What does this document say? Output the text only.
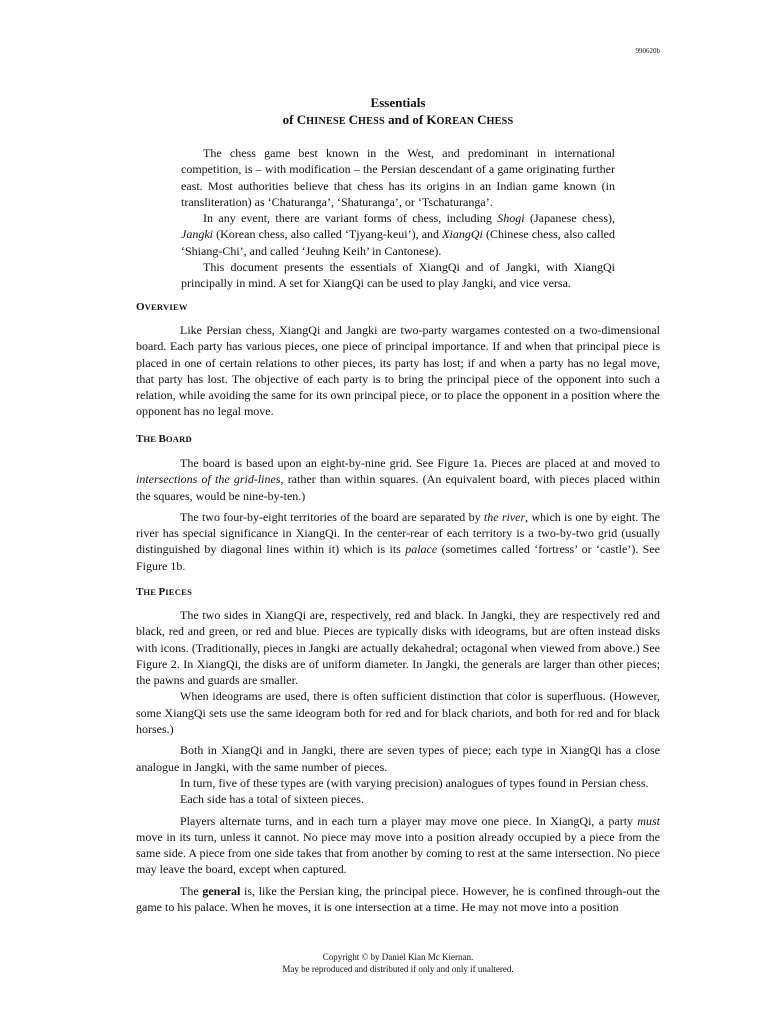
990620b
Essentials
of CHINESE CHESS and of KOREAN CHESS

The chess game best known in the West, and predominant in international competition, is – with modification – the Persian descendant of a game originating further east. Most authorities believe that chess has its origins in an Indian game known (in transliteration) as ‘Chaturanga’, ‘Shaturanga’, or ‘Tschaturanga’.

In any event, there are variant forms of chess, including Shogi (Japanese chess), Jangki (Korean chess, also called ‘Tjyang-keui’), and XiangQi (Chinese chess, also called ‘Shiang-Chi’, and called ‘Jeuhng Keih’ in Cantonese).

This document presents the essentials of XiangQi and of Jangki, with XiangQi principally in mind. A set for XiangQi can be used to play Jangki, and vice versa.

OVERVIEW

Like Persian chess, XiangQi and Jangki are two-party wargames contested on a two-dimensional board. Each party has various pieces, one piece of principal importance. If and when that principal piece is placed in one of certain relations to other pieces, its party has lost; if and when a party has no legal move, that party has lost. The objective of each party is to bring the principal piece of the opponent into such a relation, while avoiding the same for its own principal piece, or to place the opponent in a position where the opponent has no legal move.

THE BOARD

The board is based upon an eight-by-nine grid. See Figure 1a. Pieces are placed at and moved to intersections of the grid-lines, rather than within squares. (An equivalent board, with pieces placed within the squares, would be nine-by-ten.)

The two four-by-eight territories of the board are separated by the river, which is one by eight. The river has special significance in XiangQi. In the center-rear of each territory is a two-by-two grid (usually distinguished by diagonal lines within it) which is its palace (sometimes called ‘fortress’ or ‘castle’). See Figure 1b.

THE PIECES

The two sides in XiangQi are, respectively, red and black. In Jangki, they are respectively red and black, red and green, or red and blue. Pieces are typically disks with ideograms, but are often instead disks with icons. (Traditionally, pieces in Jangki are actually dekahedral; octagonal when viewed from above.) See Figure 2. In XiangQi, the disks are of uniform diameter. In Jangki, the generals are larger than other pieces; the pawns and guards are smaller.

When ideograms are used, there is often sufficient distinction that color is superfluous. (However, some XiangQi sets use the same ideogram both for red and for black chariots, and both for red and for black horses.)

Both in XiangQi and in Jangki, there are seven types of piece; each type in XiangQi has a close analogue in Jangki, with the same number of pieces.

In turn, five of these types are (with varying precision) analogues of types found in Persian chess.

Each side has a total of sixteen pieces.

Players alternate turns, and in each turn a player may move one piece. In XiangQi, a party must move in its turn, unless it cannot. No piece may move into a position already occupied by a piece from the same side. A piece from one side takes that from another by coming to rest at the same intersection. No piece may leave the board, except when captured.

The general is, like the Persian king, the principal piece. However, he is confined through-out the game to his palace. When he moves, it is one intersection at a time. He may not move into a position

Copyright © by Daniel Kian Mc Kiernan.
May be reproduced and distributed if only and only if unaltered.
